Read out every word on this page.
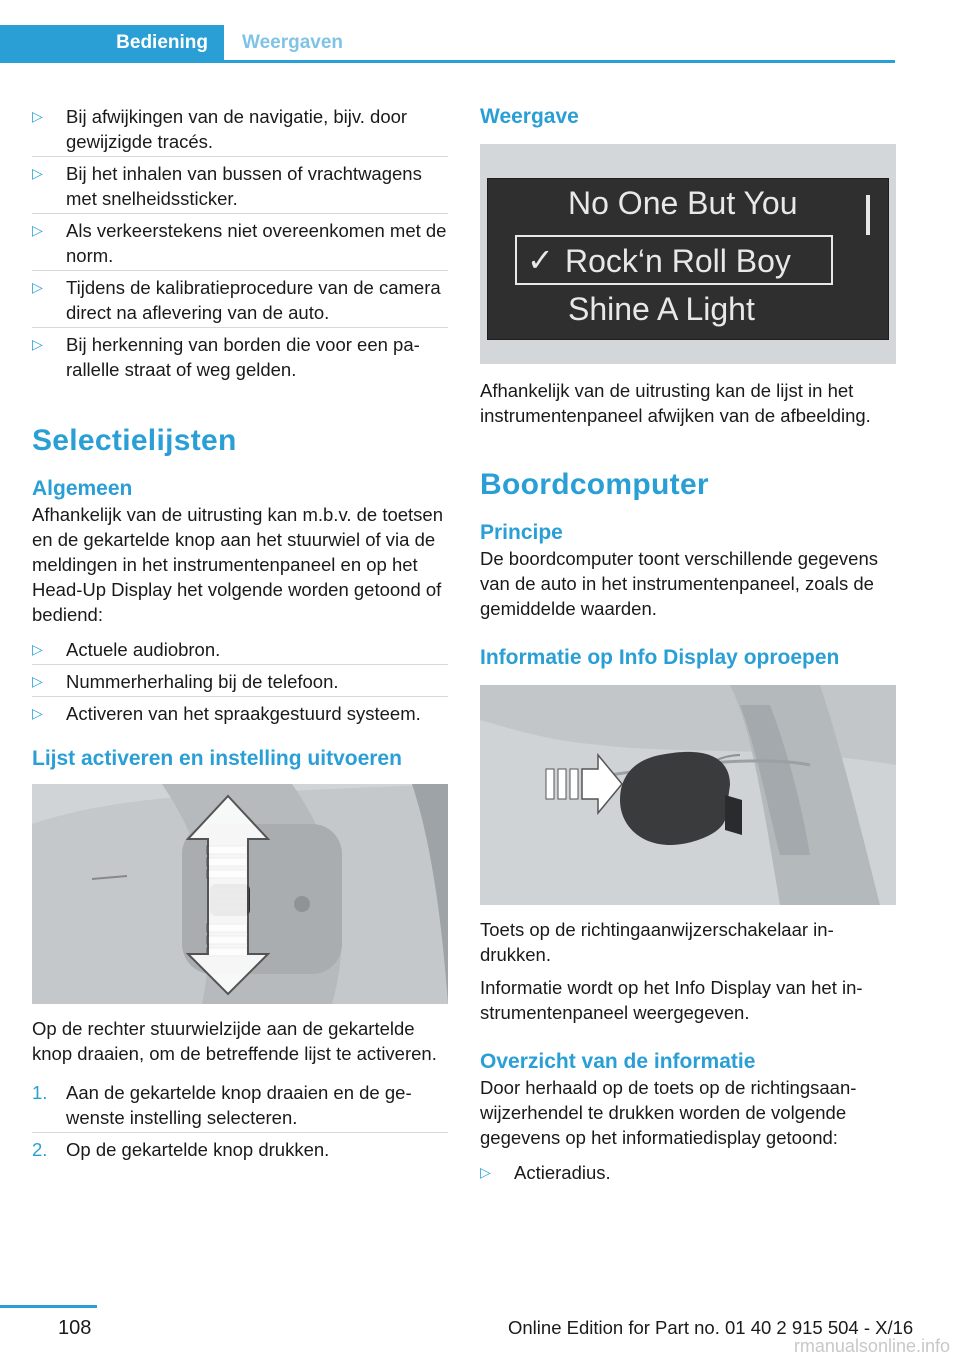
Bediening	Weergaven
▷ Bij afwijkingen van de navigatie, bijv. door gewijzigde tracés.
▷ Bij het inhalen van bussen of vrachtwagens met snelheidssticker.
▷ Als verkeerstekens niet overeenkomen met de norm.
▷ Tijdens de kalibratieprocedure van de camera direct na aflevering van de auto.
▷ Bij herkenning van borden die voor een parallelle straat of weg gelden.
Selectielijsten
Algemeen

Afhankelijk van de uitrusting kan m.b.v. de toetsen en de gekartelde knop aan het stuurwiel of via de meldingen in het instrumentenpaneel en op het Head-Up Display het volgende worden getoond of bediend:

▷ Actuele audiobron.
▷ Nummerherhaling bij de telefoon.
▷ Activeren van het spraakgestuurd systeem.
Lijst activeren en instelling uitvoeren

Op de rechter stuurwielzijde aan de gekartelde knop draaien, om de betreffende lijst te activeren.

1. Aan de gekartelde knop draaien en de gewenste instelling selecteren.
2. Op de gekartelde knop drukken.
Weergave
No One But You
✓ Rock‘n Roll Boy
Shine A Light

Afhankelijk van de uitrusting kan de lijst in het instrumentenpaneel afwijken van de afbeelding.

Boordcomputer
Principe

De boordcomputer toont verschillende gegevens van de auto in het instrumentenpaneel, zoals de gemiddelde waarden.

Informatie op Info Display oproepen

Toets op de richtingaanwijzerschakelaar indrukken.

Informatie wordt op het Info Display van het instrumentenpaneel weergegeven.

Overzicht van de informatie

Door herhaald op de toets op de richtingsaanwijzerhendel te drukken worden de volgende gegevens op het informatiedisplay getoond:

▷ Actieradius.
108	Online Edition for Part no. 01 40 2 915 504 - X/16
rmanualsonline.info
